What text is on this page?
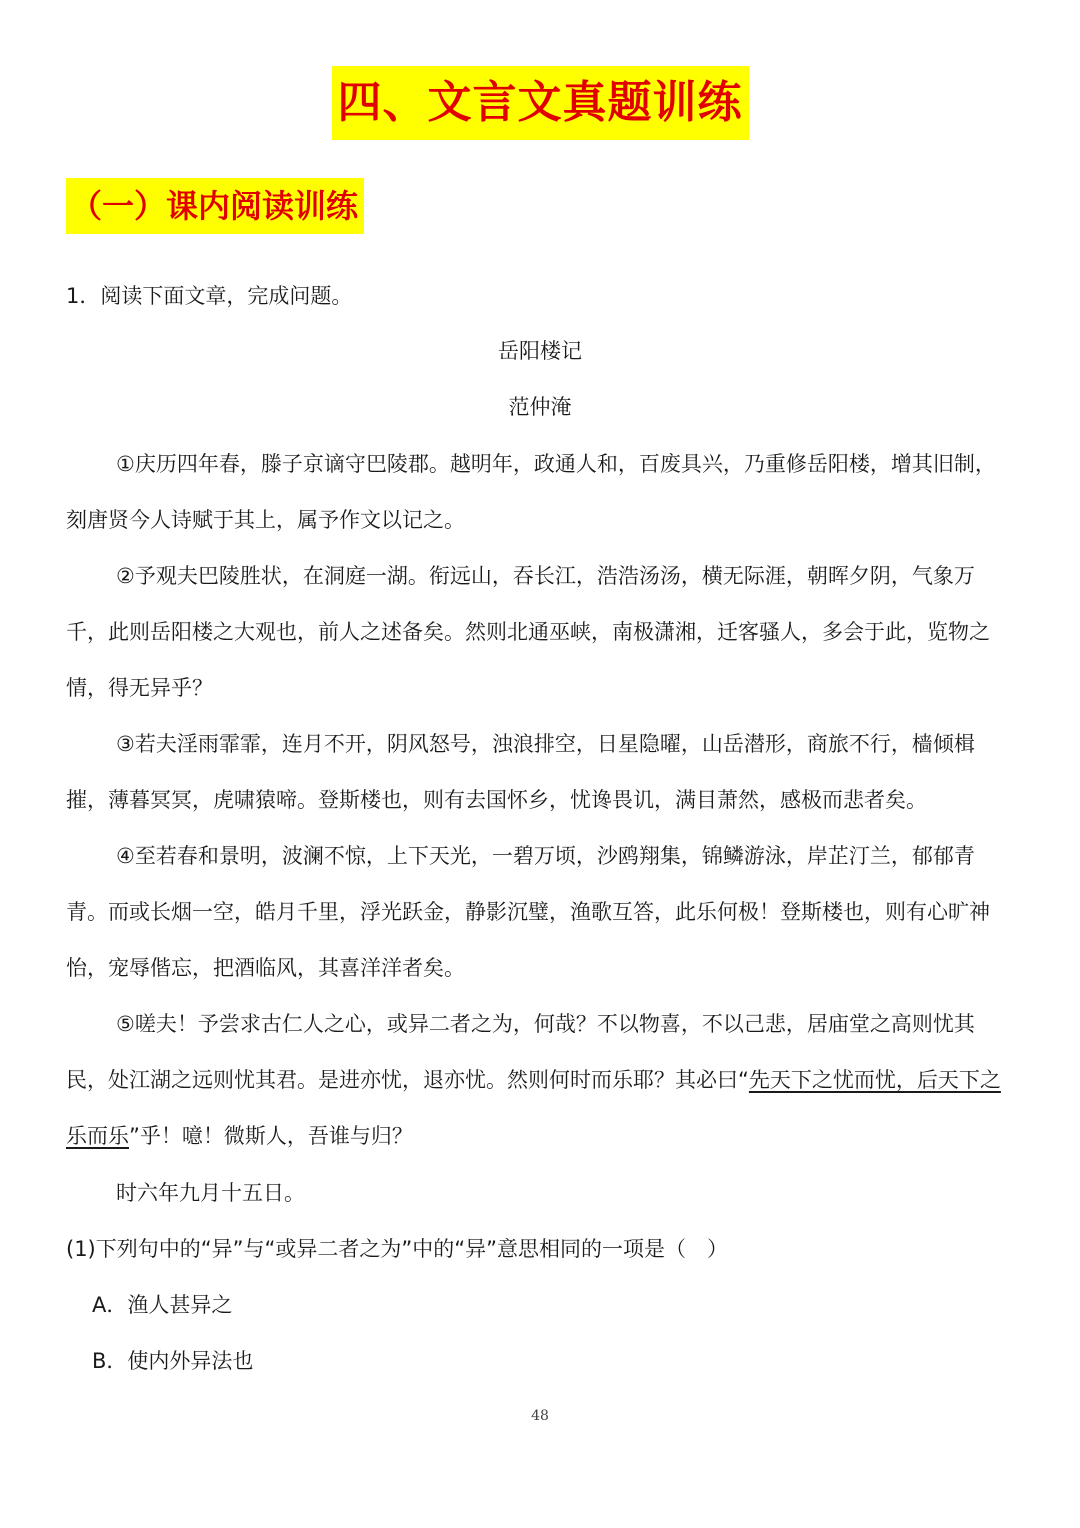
四、文言文真题训练
（一）课内阅读训练
1．阅读下面文章，完成问题。
岳阳楼记
范仲淹

①庆历四年春，滕子京谪守巴陵郡。越明年，政通人和，百废具兴，乃重修岳阳楼，增其旧制，刻唐贤今人诗赋于其上，属予作文以记之。

②予观夫巴陵胜状，在洞庭一湖。衔远山，吞长江，浩浩汤汤，横无际涯，朝晖夕阴，气象万千，此则岳阳楼之大观也，前人之述备矣。然则北通巫峡，南极潇湘，迁客骚人，多会于此，览物之情，得无异乎？

③若夫淫雨霏霏，连月不开，阴风怒号，浊浪排空，日星隐曜，山岳潜形，商旅不行，樯倾楫摧，薄暮冥冥，虎啸猿啼。登斯楼也，则有去国怀乡，忧谗畏讥，满目萧然，感极而悲者矣。

④至若春和景明，波澜不惊，上下天光，一碧万顷，沙鸥翔集，锦鳞游泳，岸芷汀兰，郁郁青青。而或长烟一空，皓月千里，浮光跃金，静影沉璧，渔歌互答，此乐何极！登斯楼也，则有心旷神怡，宠辱偕忘，把酒临风，其喜洋洋者矣。

⑤嗟夫！予尝求古仁人之心，或异二者之为，何哉？不以物喜，不以己悲，居庙堂之高则忧其民，处江湖之远则忧其君。是进亦忧，退亦忧。然则何时而乐耶？其必曰“先天下之忧而忧，后天下之乐而乐”乎！噫！微斯人，吾谁与归？

时六年九月十五日。
(1)下列句中的“异”与“或异二者之为”中的“异”意思相同的一项是（　）
A．渔人甚异之
B．使内外异法也
48
